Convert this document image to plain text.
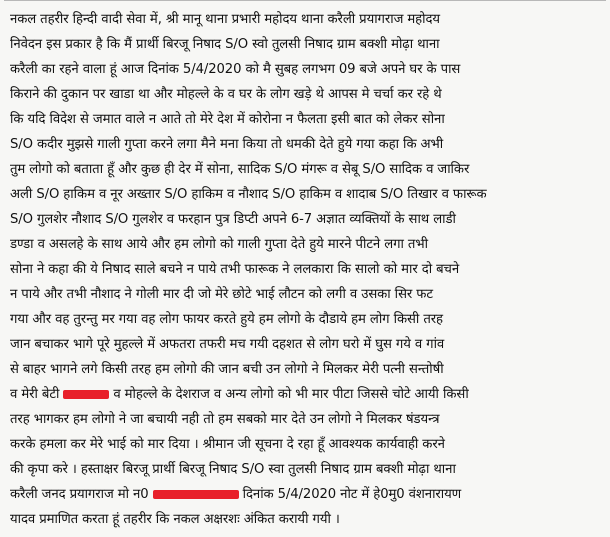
नकल तहरीर हिन्दी वादी सेवा में, श्री मानू थाना प्रभारी महोदय थाना करैली प्रयागराज महोदय
निवेदन इस प्रकार है कि मैं प्रार्थी बिरजू निषाद S/O स्वो तुलसी निषाद ग्राम बक्शी मोढ़ा थाना
करैली का रहने वाला हूं आज दिनांक 5/4/2020 को मै सुबह लगभग 09 बजे अपने घर के पास
किराने की दुकान पर खाडा था और मोहल्ले के व घर के लोग खड़े थे आपस मे चर्चा कर रहे थे
कि यदि विदेश से जमात वाले न आते तो मेरे देश में कोरोना न फैलता इसी बात को लेकर सोना
S/O कदीर मुझसे गाली गुप्ता करने लगा मैने मना किया तो धमकी देते हुये गया कहा कि अभी
तुम लोगो को बताता हूँ और कुछ ही देर में सोना, सादिक S/O मंगरू व सेबू S/O सादिक व जाकिर
अली S/O हाकिम व नूर अख्तार S/O हाकिम व नौशाद S/O हाकिम व शादाब S/O तिखार व फारूक
S/O गुलशेर नौशाद S/O गुलशेर व फरहान पुत्र डिप्टी अपने 6-7 अज्ञात व्यक्तियों के साथ लाडी
डण्डा व असलहे के साथ आये और हम लोगो को गाली गुप्ता देते हुये मारने पीटने लगा तभी
सोना ने कहा की ये निषाद साले बचने न पाये तभी फारूक ने ललकारा कि सालो को मार दो बचने
न पाये और तभी नौशाद ने गोली मार दी जो मेरे छोटे भाई लौटन को लगी व उसका सिर फट
गया और वह तुरन्तु मर गया वह लोग फायर करते हुये हम लोगो के दौडाये हम लोग किसी तरह
जान बचाकर भागे पूरे मुहल्ले में अफतरा तफरी मच गयी दहशत से लोग घरो में घुस गये व गांव
से बाहर भागने लगे किसी तरह हम लोगो की जान बची उन लोगो ने मिलकर मेरी पत्नी सन्तोषी
व मेरी बेटी	व मोहल्ले के देशराज व अन्य लोगो को भी मार पीटा जिससे चोटे आयी किसी
तरह भागकर हम लोगो ने जा बचायी नही तो हम सबको मार देते उन लोगो ने मिलकर षंडयन्त्र
करके हमला कर मेरे भाई को मार दिया । श्रीमान जी सूचना दे रहा हूँ आवश्यक कार्यवाही करने
की कृपा करे । हस्ताक्षर बिरजू प्रार्थी बिरजू निषाद S/O स्वा तुलसी निषाद ग्राम बक्शी मोढ़ा थाना
करैली जनद प्रयागराज मो न0	दिनांक 5/4/2020 नोट में हे0मु0 वंशनारायण
यादव प्रमाणित करता हूं तहरीर कि नकल अक्षरशः अंकित करायी गयी ।
